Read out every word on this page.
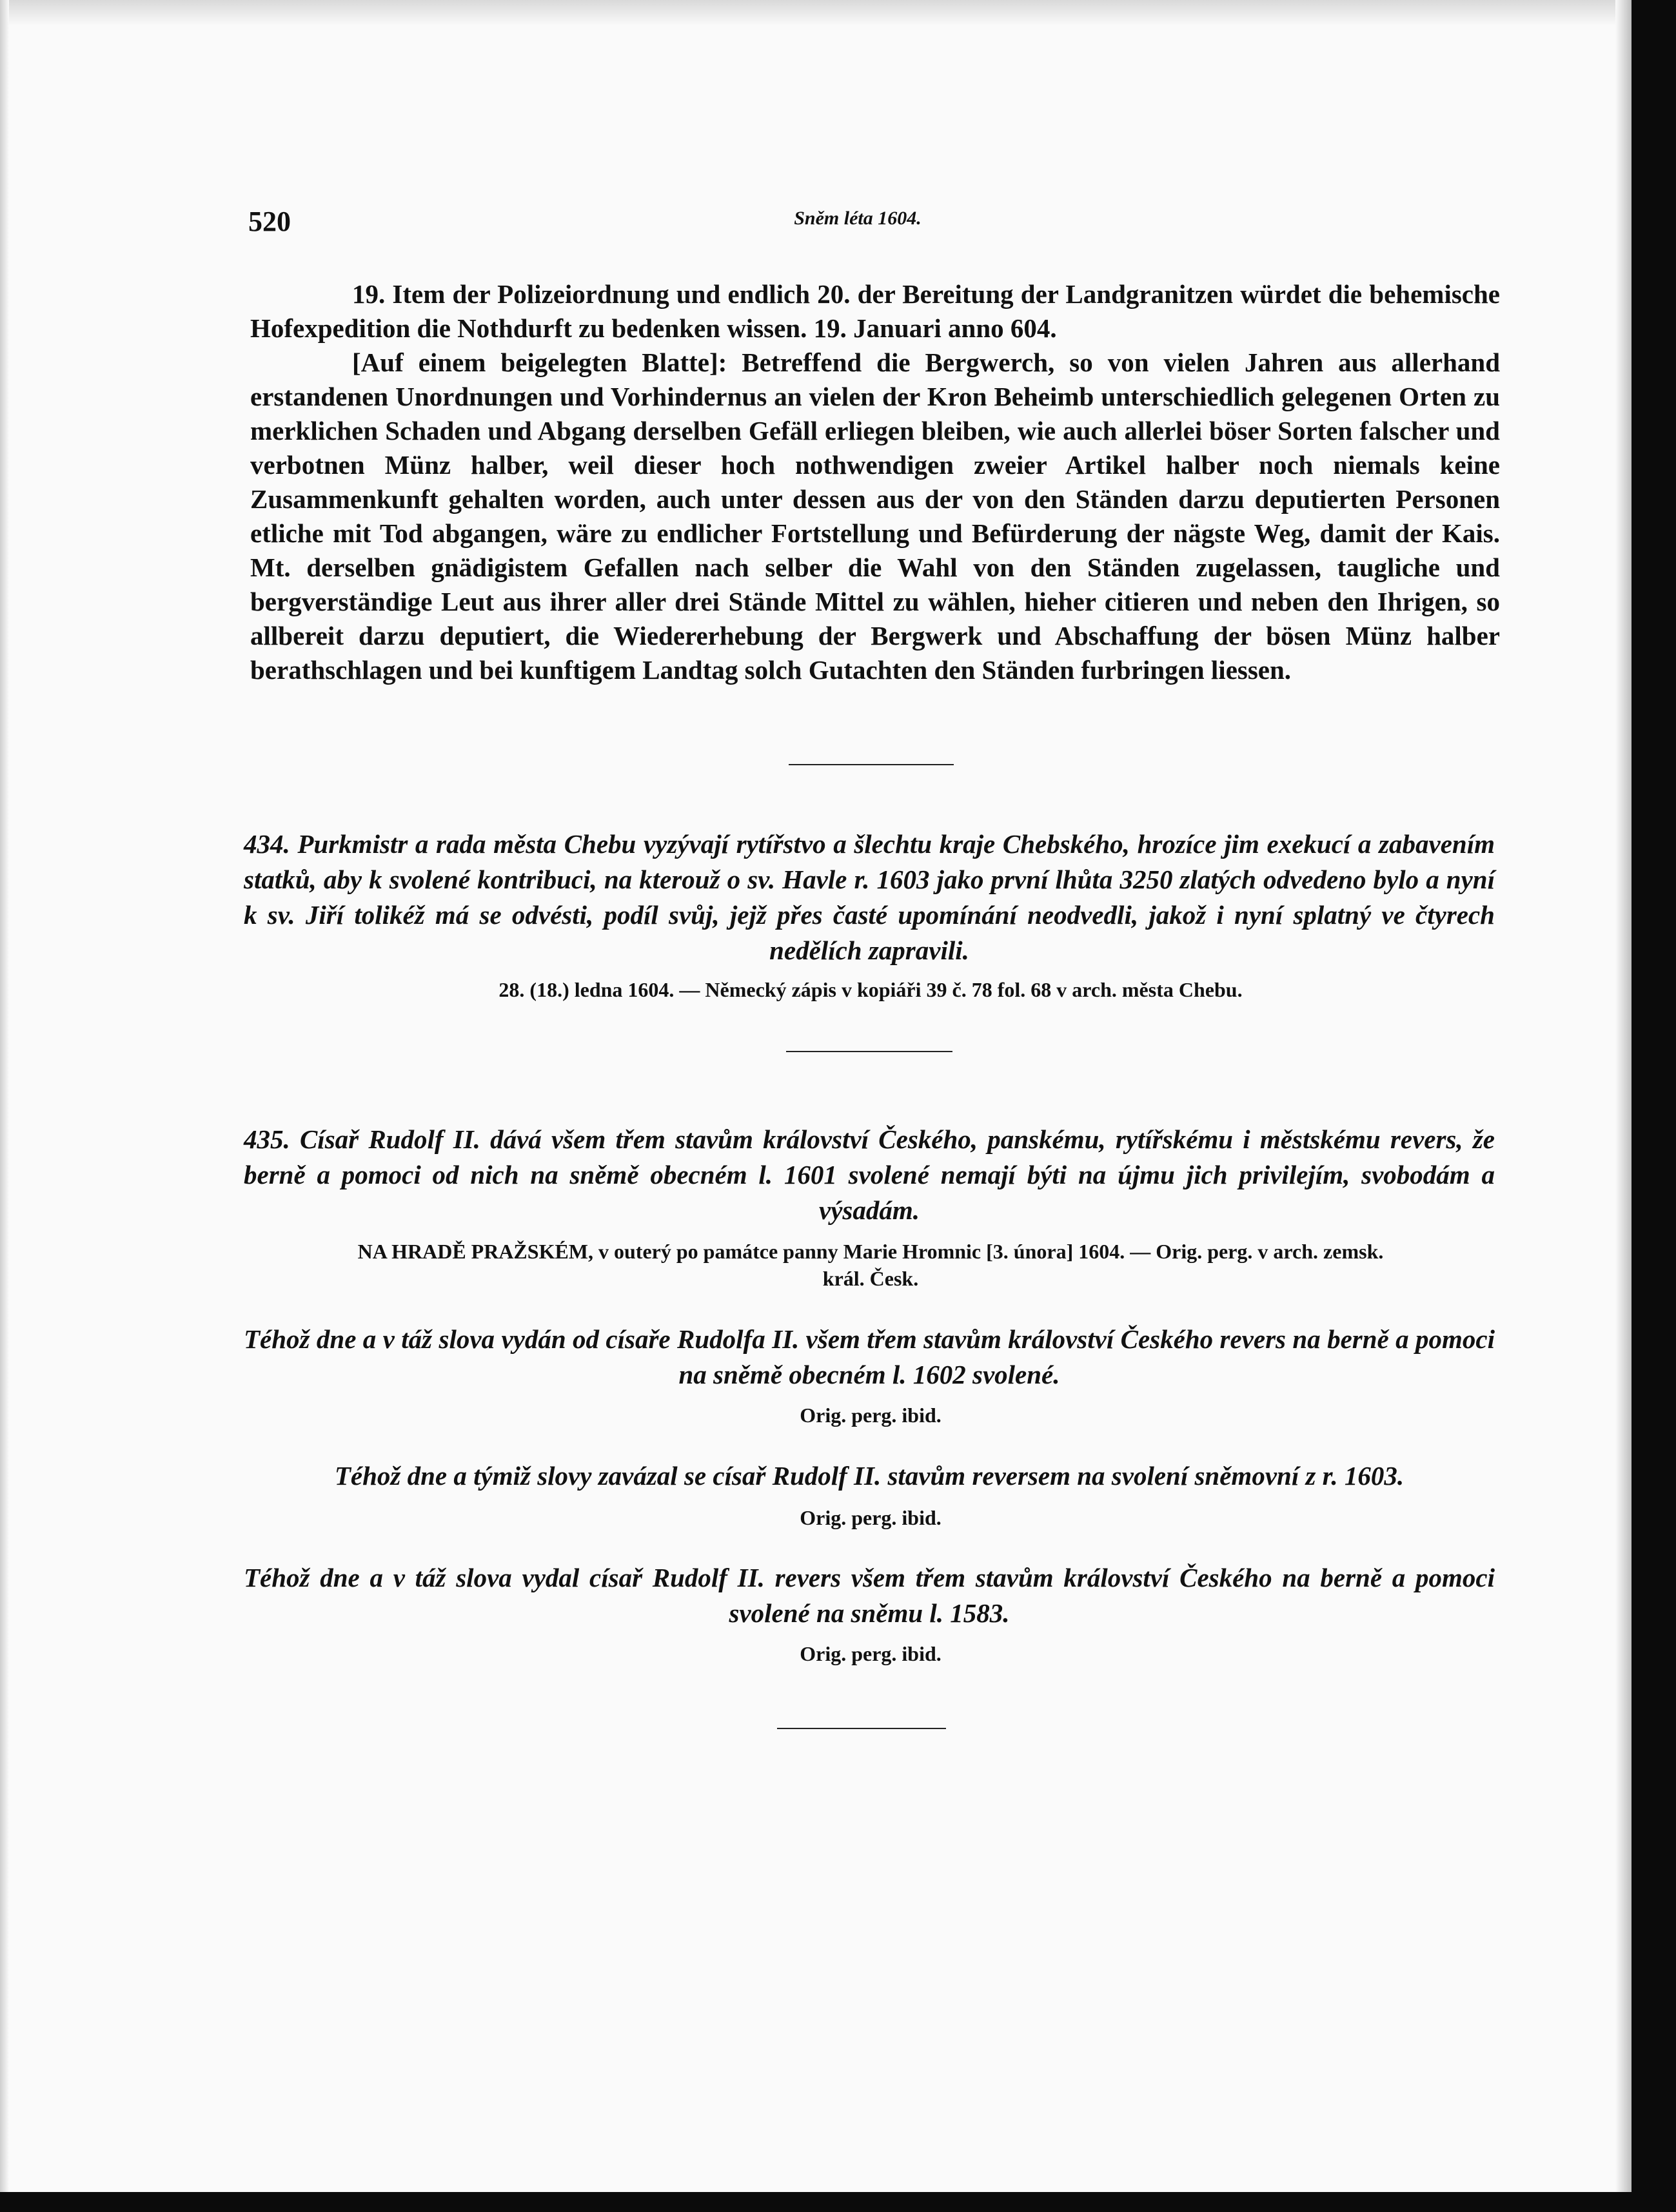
520	Sněm léta 1604.

19. Item der Polizeiordnung und endlich 20. der Bereitung der Landgranitzen würdet die behemische Hofexpedition die Nothdurft zu bedenken wissen. 19. Januari anno 604.

[Auf einem beigelegten Blatte]: Betreffend die Bergwerch, so von vielen Jahren aus allerhand erstandenen Unordnungen und Vorhindernus an vielen der Kron Beheimb unterschiedlich gelegenen Orten zu merklichen Schaden und Abgang derselben Gefäll erliegen bleiben, wie auch allerlei böser Sorten falscher und verbotnen Münz halber, weil dieser hoch nothwendigen zweier Artikel halber noch niemals keine Zusammenkunft gehalten worden, auch unter dessen aus der von den Ständen darzu deputierten Personen etliche mit Tod abgangen, wäre zu endlicher Fortstellung und Befürderung der nägste Weg, damit der Kais. Mt. derselben gnädigistem Gefallen nach selber die Wahl von den Ständen zugelassen, taugliche und bergverständige Leut aus ihrer aller drei Stände Mittel zu wählen, hieher citieren und neben den Ihrigen, so allbereit darzu deputiert, die Wiedererhebung der Bergwerk und Abschaffung der bösen Münz halber berathschlagen und bei kunftigem Landtag solch Gutachten den Ständen furbringen liessen.

434. Purkmistr a rada města Chebu vyzývají rytířstvo a šlechtu kraje Chebského, hrozíce jim exekucí a zabavením statků, aby k svolené kontribuci, na kterouž o sv. Havle r. 1603 jako první lhůta 3250 zlatých odvedeno bylo a nyní k sv. Jiří tolikéž má se odvésti, podíl svůj, jejž přes časté upomínání neodvedli, jakož i nyní splatný ve čtyrech nedělích zapravili.
28. (18.) ledna 1604. — Německý zápis v kopiáři 39 č. 78 fol. 68 v arch. města Chebu.
435. Císař Rudolf II. dává všem třem stavům království Českého, panskému, rytířskému i městskému revers, že berně a pomoci od nich na sněmě obecném l. 1601 svolené nemají býti na újmu jich privilejím, svobodám a výsadám.
NA HRADĚ PRAŽSKÉM, v outerý po památce panny Marie Hromnic [3. února] 1604. — Orig. perg. v arch. zemsk.
král. Česk.
Téhož dne a v táž slova vydán od císaře Rudolfa II. všem třem stavům království Českého revers na berně a pomoci na sněmě obecném l. 1602 svolené.
Orig. perg. ibid.
Téhož dne a týmiž slovy zavázal se císař Rudolf II. stavům reversem na svolení sněmovní z r. 1603.
Orig. perg. ibid.
Téhož dne a v táž slova vydal císař Rudolf II. revers všem třem stavům království Českého na berně a pomoci svolené na sněmu l. 1583.
Orig. perg. ibid.
